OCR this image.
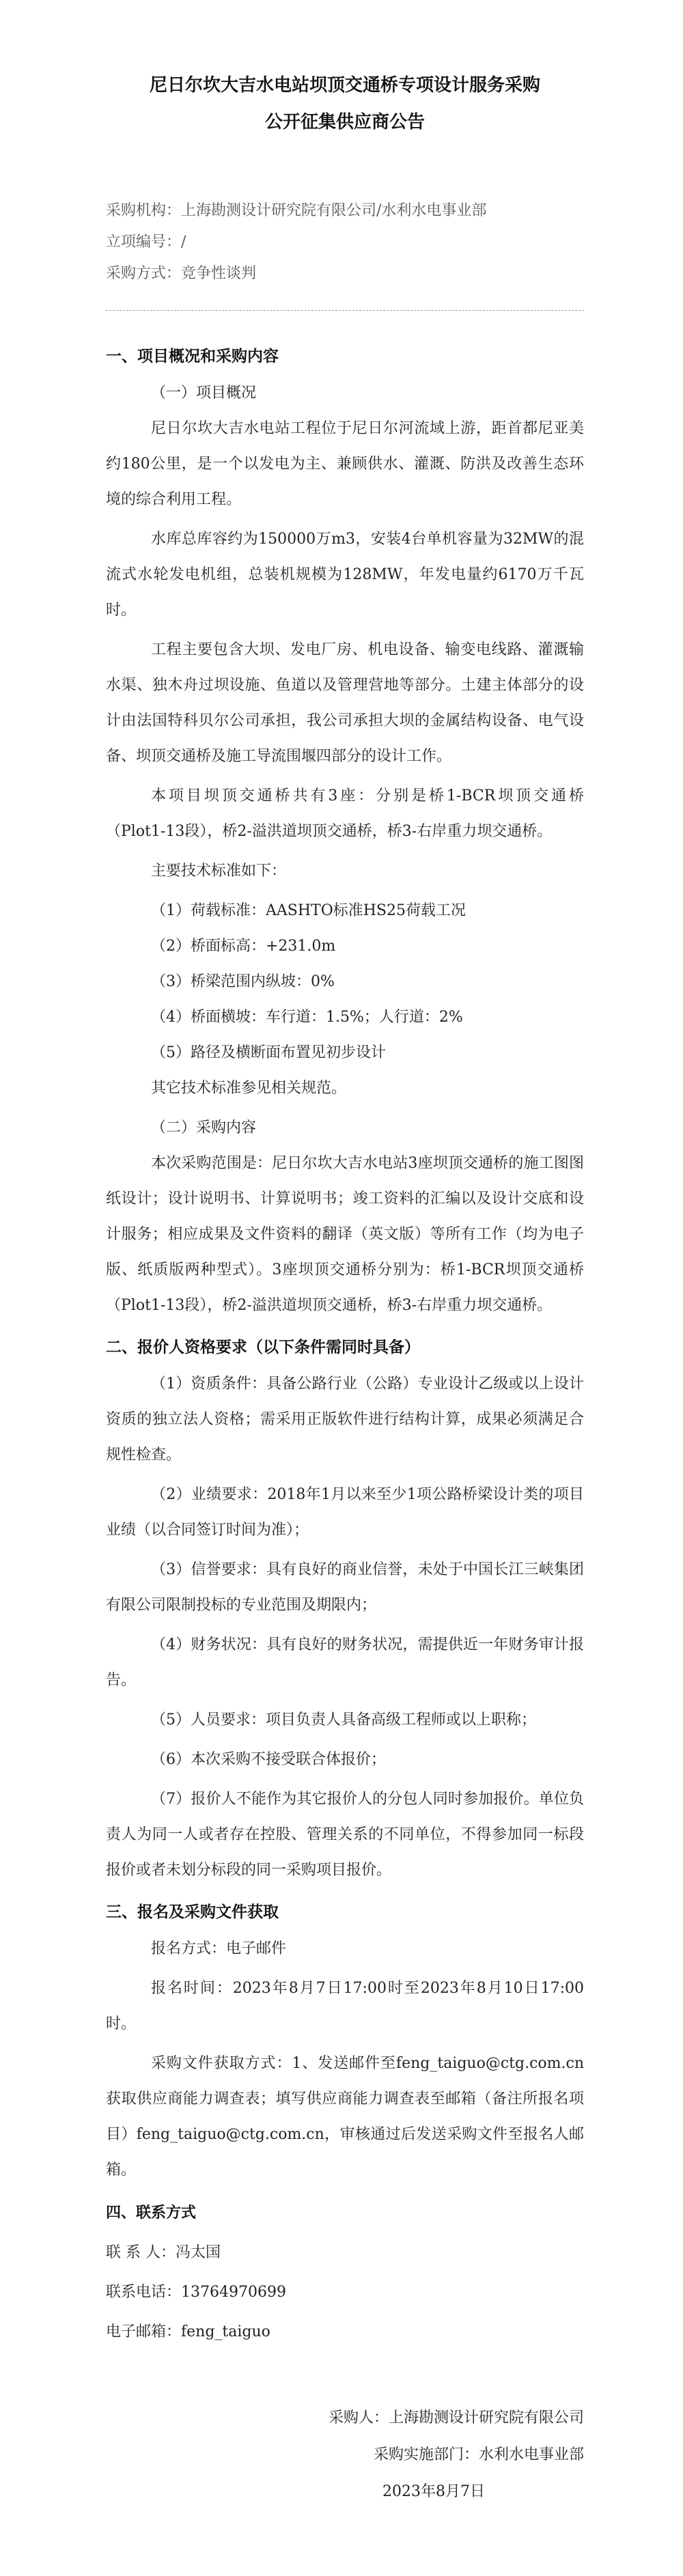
尼日尔坎大吉水电站坝顶交通桥专项设计服务采购
公开征集供应商公告

采购机构：上海勘测设计研究院有限公司/水利水电事业部

立项编号：/

采购方式：竞争性谈判

一、项目概况和采购内容

（一）项目概况

尼日尔坎大吉水电站工程位于尼日尔河流域上游，距首都尼亚美约180公里，是一个以发电为主、兼顾供水、灌溉、防洪及改善生态环境的综合利用工程。

水库总库容约为150000万m3，安装4台单机容量为32MW的混流式水轮发电机组，总装机规模为128MW，年发电量约6170万千瓦时。

工程主要包含大坝、发电厂房、机电设备、输变电线路、灌溉输水渠、独木舟过坝设施、鱼道以及管理营地等部分。土建主体部分的设计由法国特科贝尔公司承担，我公司承担大坝的金属结构设备、电气设备、坝顶交通桥及施工导流围堰四部分的设计工作。

本项目坝顶交通桥共有3座：分别是桥1-BCR坝顶交通桥（Plot1-13段），桥2-溢洪道坝顶交通桥，桥3-右岸重力坝交通桥。

主要技术标准如下：

（1）荷载标准：AASHTO标准HS25荷载工况

（2）桥面标高：+231.0m

（3）桥梁范围内纵坡：0%

（4）桥面横坡：车行道：1.5%；人行道：2%

（5）路径及横断面布置见初步设计

其它技术标准参见相关规范。

（二）采购内容

本次采购范围是：尼日尔坎大吉水电站3座坝顶交通桥的施工图图纸设计；设计说明书、计算说明书；竣工资料的汇编以及设计交底和设计服务；相应成果及文件资料的翻译（英文版）等所有工作（均为电子版、纸质版两种型式）。3座坝顶交通桥分别为：桥1-BCR坝顶交通桥（Plot1-13段），桥2-溢洪道坝顶交通桥，桥3-右岸重力坝交通桥。

二、报价人资格要求（以下条件需同时具备）

（1）资质条件：具备公路行业（公路）专业设计乙级或以上设计资质的独立法人资格；需采用正版软件进行结构计算，成果必须满足合规性检查。

（2）业绩要求：2018年1月以来至少1项公路桥梁设计类的项目业绩（以合同签订时间为准）；

（3）信誉要求：具有良好的商业信誉，未处于中国长江三峡集团有限公司限制投标的专业范围及期限内；

（4）财务状况：具有良好的财务状况，需提供近一年财务审计报告。

（5）人员要求：项目负责人具备高级工程师或以上职称；

（6）本次采购不接受联合体报价；

（7）报价人不能作为其它报价人的分包人同时参加报价。单位负责人为同一人或者存在控股、管理关系的不同单位，不得参加同一标段报价或者未划分标段的同一采购项目报价。

三、报名及采购文件获取

报名方式：电子邮件

报名时间：2023年8月7日17:00时至2023年8月10日17:00时。

采购文件获取方式：1、发送邮件至feng_taiguo@ctg.com.cn获取供应商能力调查表；填写供应商能力调查表至邮箱（备注所报名项目）feng_taiguo@ctg.com.cn，审核通过后发送采购文件至报名人邮箱。

四、联系方式

联 系 人：冯太国

联系电话：13764970699

电子邮箱：feng_taiguo

采购人：上海勘测设计研究院有限公司

采购实施部门：水利水电事业部

2023年8月7日
